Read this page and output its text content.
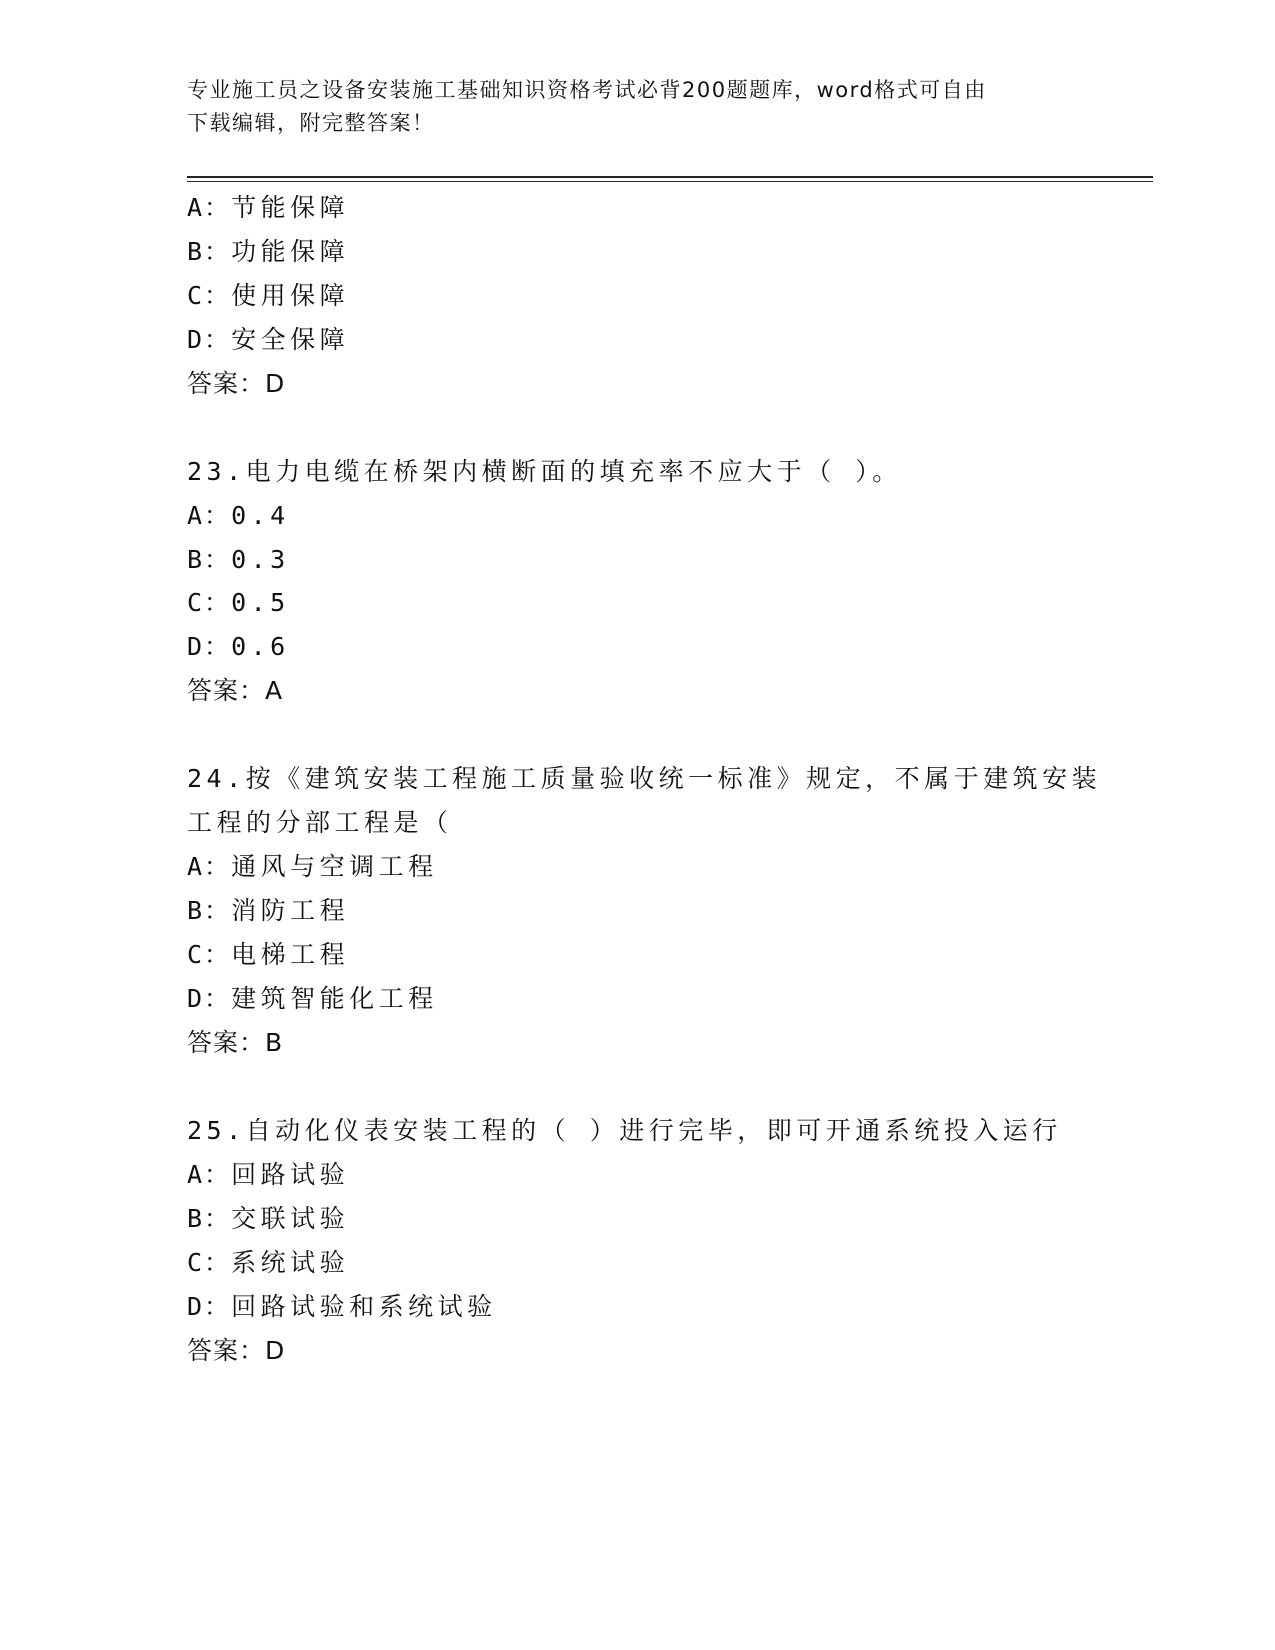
专业施工员之设备安装施工基础知识资格考试必背200题题库，word格式可自由
下载编辑，附完整答案！
A：节能保障
B：功能保障
C：使用保障
D：安全保障
答案：D
23.电力电缆在桥架内横断面的填充率不应大于（ ）。
A：0.4
B：0.3
C：0.5
D：0.6
答案：A
24.按《建筑安装工程施工质量验收统一标准》规定，不属于建筑安装
工程的分部工程是（
A：通风与空调工程
B：消防工程
C：电梯工程
D：建筑智能化工程
答案：B
25.自动化仪表安装工程的（ ）进行完毕，即可开通系统投入运行
A：回路试验
B：交联试验
C：系统试验
D：回路试验和系统试验
答案：D
